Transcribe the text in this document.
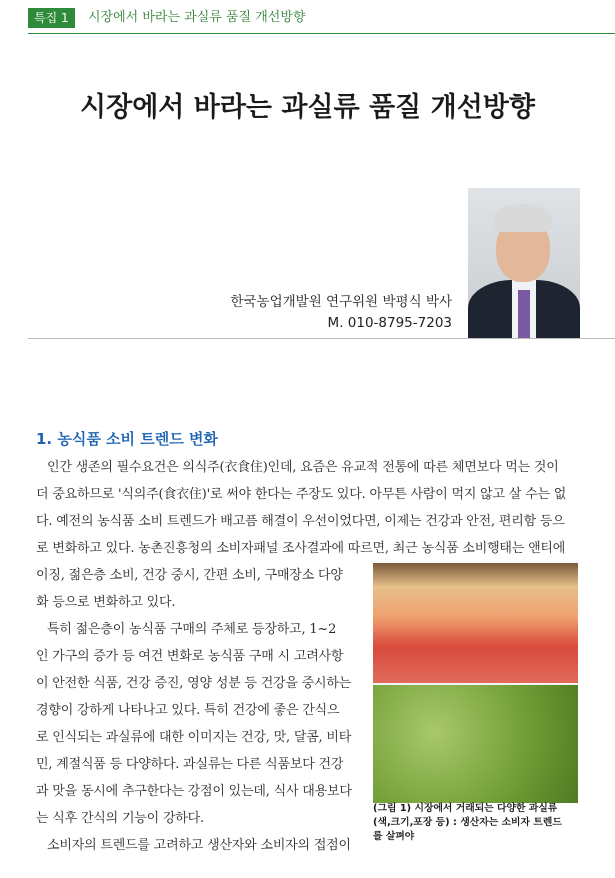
특집 1	시장에서 바라는 과실류 품질 개선방향
시장에서 바라는 과실류 품질 개선방향
한국농업개발원 연구위원 박평식 박사
M. 010-8795-7203
1. 농식품 소비 트렌드 변화
인간 생존의 필수요건은 의식주(衣食住)인데, 요즘은 유교적 전통에 따른 체면보다 먹는 것이
더 중요하므로 '식의주(食衣住)'로 써야 한다는 주장도 있다. 아무튼 사람이 먹지 않고 살 수는 없
다. 예전의 농식품 소비 트렌드가 배고픔 해결이 우선이었다면, 이제는 건강과 안전, 편리함 등으
로 변화하고 있다. 농촌진흥청의 소비자패널 조사결과에 따르면, 최근 농식품 소비행태는 앤티에
이징, 젊은층 소비, 건강 중시, 간편 소비, 구매장소 다양
화 등으로 변화하고 있다.
특히 젊은층이 농식품 구매의 주체로 등장하고, 1~2
인 가구의 증가 등 여건 변화로 농식품 구매 시 고려사항
이 안전한 식품, 건강 증진, 영양 성분 등 건강을 중시하는
경향이 강하게 나타나고 있다. 특히 건강에 좋은 간식으
로 인식되는 과실류에 대한 이미지는 건강, 맛, 달콤, 비타
민, 계절식품 등 다양하다. 과실류는 다른 식품보다 건강
과 맛을 동시에 추구한다는 강점이 있는데, 식사 대용보다
는 식후 간식의 기능이 강하다.
소비자의 트렌드를 고려하고 생산자와 소비자의 접점이
(그림 1) 시장에서 거래되는 다양한 과실류
(색,크기,포장 등) : 생산자는 소비자 트렌드
를 살펴야
